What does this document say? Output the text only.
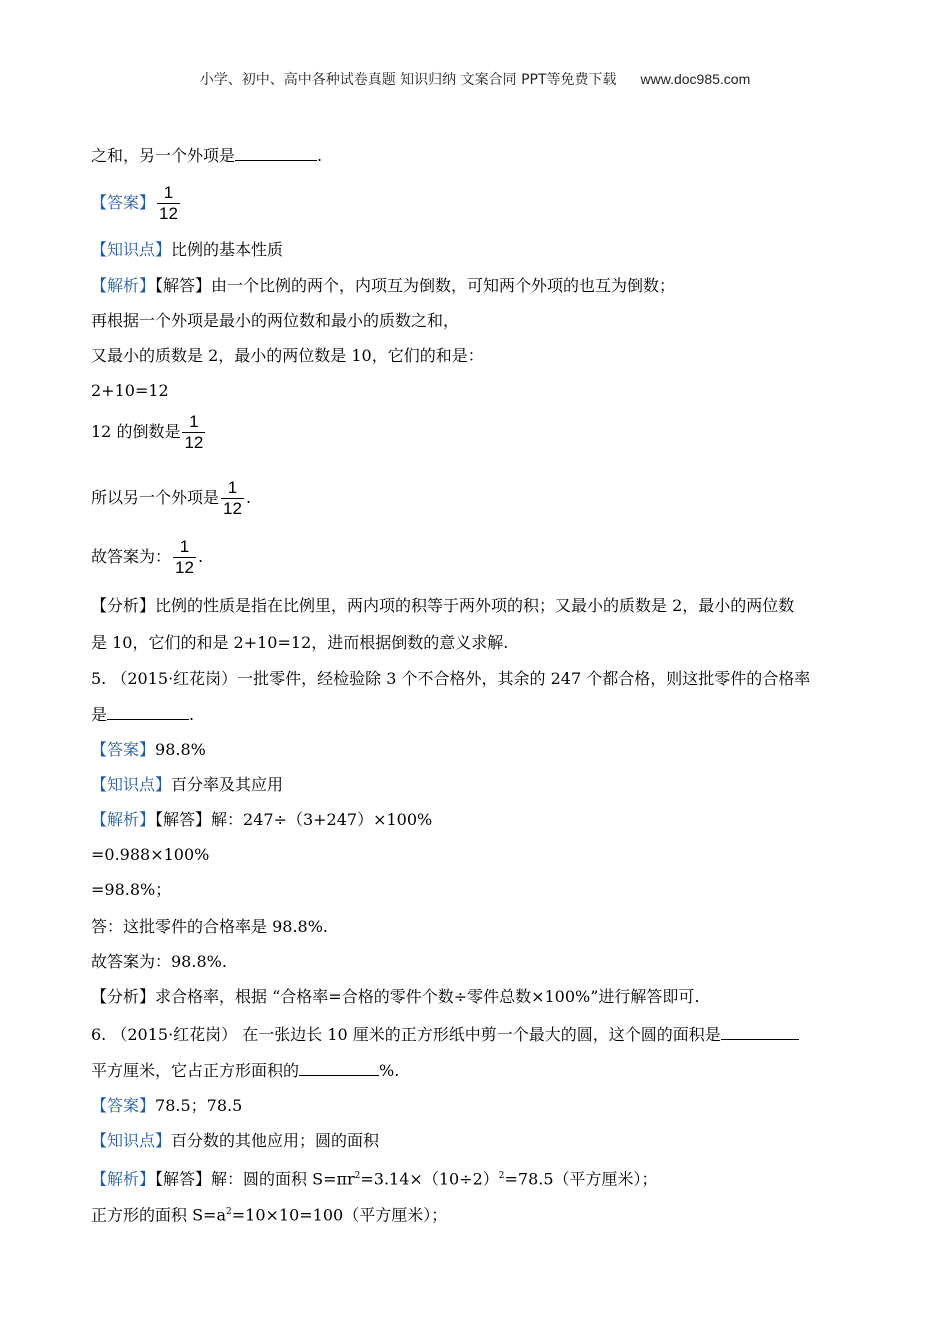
小学、初中、高中各种试卷真题 知识归纳 文案合同 PPT等免费下载 www.doc985.com
之和，另一个外项是	.
【答案】 $\frac{1}{12}$
【知识点】比例的基本性质
【解析】【解答】由一个比例的两个，内项互为倒数，可知两个外项的也互为倒数；
再根据一个外项是最小的两位数和最小的质数之和，
又最小的质数是 2，最小的两位数是 10，它们的和是：
2+10=12
12 的倒数是 $\frac{1}{12}$
所以另一个外项是 $\frac{1}{12}$ .
故答案为： $\frac{1}{12}$ .
【分析】比例的性质是指在比例里，两内项的积等于两外项的积；又最小的质数是 2，最小的两位数
是 10，它们的和是 2+10=12，进而根据倒数的意义求解.
5. （2015·红花岗）一批零件，经检验除 3 个不合格外，其余的 247 个都合格，则这批零件的合格率
是	.
【答案】98.8%
【知识点】百分率及其应用
【解析】【解答】解：247÷（3+247）×100%
=0.988×100%
=98.8%；
答：这批零件的合格率是 98.8%.
故答案为：98.8%.
【分析】求合格率，根据 “合格率=合格的零件个数÷零件总数×100%”进行解答即可.
6. （2015·红花岗） 在一张边长 10 厘米的正方形纸中剪一个最大的圆，这个圆的面积是
平方厘米，它占正方形面积的	%.
【答案】78.5；78.5
【知识点】百分数的其他应用；圆的面积
【解析】【解答】解：圆的面积 $S=\pi r^2=3.14\times(10\div 2)^2=78.5$（平方厘米）；
正方形的面积 $S=a^2=10\times 10=100$（平方厘米）；
